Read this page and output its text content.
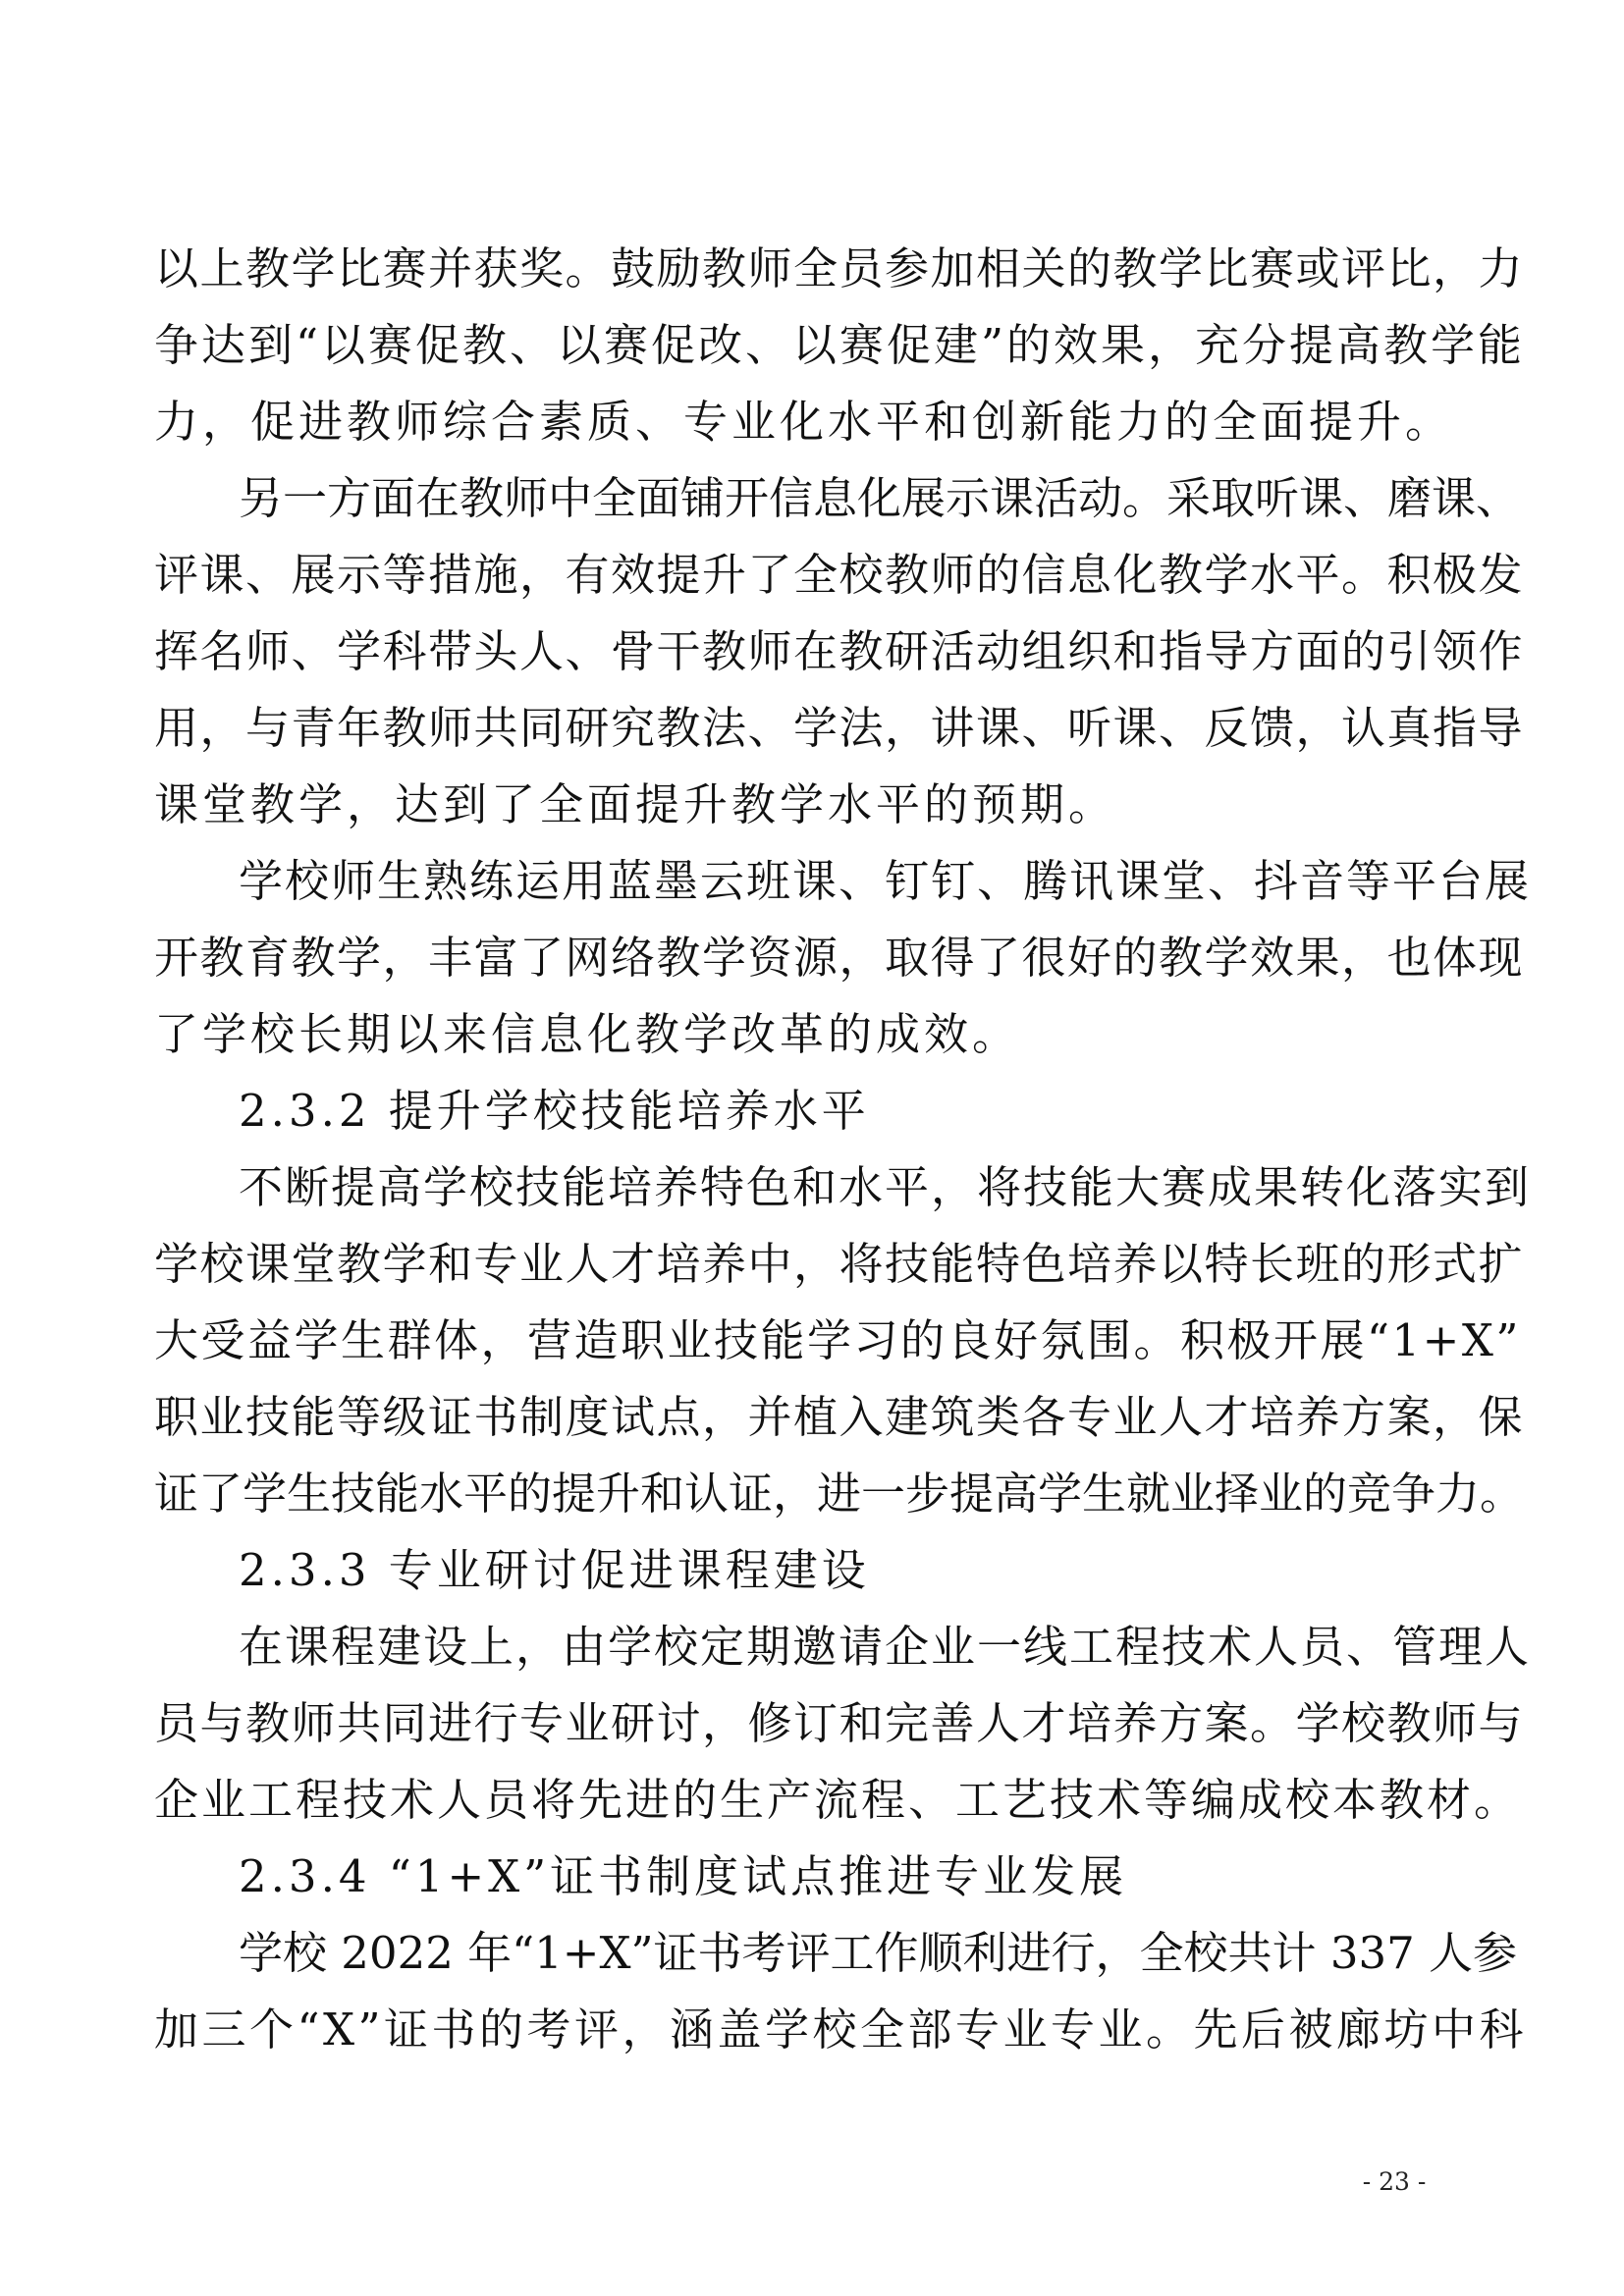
以上教学比赛并获奖。鼓励教师全员参加相关的教学比赛或评比，力
争达到“以赛促教、以赛促改、以赛促建”的效果，充分提高教学能
力，促进教师综合素质、专业化水平和创新能力的全面提升。
另一方面在教师中全面铺开信息化展示课活动。采取听课、磨课、
评课、展示等措施，有效提升了全校教师的信息化教学水平。积极发
挥名师、学科带头人、骨干教师在教研活动组织和指导方面的引领作
用，与青年教师共同研究教法、学法，讲课、听课、反馈，认真指导
课堂教学，达到了全面提升教学水平的预期。
学校师生熟练运用蓝墨云班课、钉钉、腾讯课堂、抖音等平台展
开教育教学，丰富了网络教学资源，取得了很好的教学效果，也体现
了学校长期以来信息化教学改革的成效。
2.3.2 提升学校技能培养水平
不断提高学校技能培养特色和水平，将技能大赛成果转化落实到
学校课堂教学和专业人才培养中，将技能特色培养以特长班的形式扩
大受益学生群体，营造职业技能学习的良好氛围。积极开展“1+X”
职业技能等级证书制度试点，并植入建筑类各专业人才培养方案，保
证了学生技能水平的提升和认证，进一步提高学生就业择业的竞争力。
2.3.3 专业研讨促进课程建设
在课程建设上，由学校定期邀请企业一线工程技术人员、管理人
员与教师共同进行专业研讨，修订和完善人才培养方案。学校教师与
企业工程技术人员将先进的生产流程、工艺技术等编成校本教材。
2.3.4 “1+X”证书制度试点推进专业发展
学校 2022 年“1+X”证书考评工作顺利进行，全校共计 337 人参
加三个“X”证书的考评，涵盖学校全部专业专业。先后被廊坊中科
- 23 -
